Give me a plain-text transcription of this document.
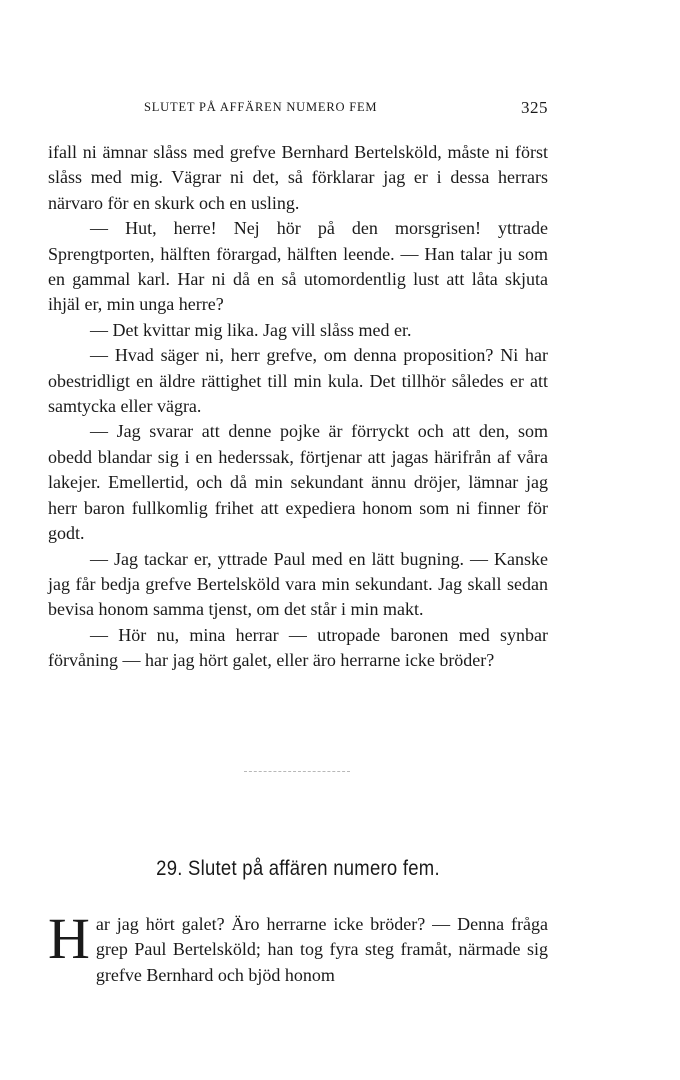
SLUTET PÅ AFFÄREN NUMERO FEM	325

ifall ni ämnar slåss med grefve Bernhard Bertelsköld, måste ni först slåss med mig. Vägrar ni det, så förklarar jag er i dessa herrars närvaro för en skurk och en usling.

— Hut, herre! Nej hör på den morsgrisen! yttrade Sprengtporten, hälften förargad, hälften leende. — Han talar ju som en gammal karl. Har ni då en så utomordentlig lust att låta skjuta ihjäl er, min unga herre?

— Det kvittar mig lika. Jag vill slåss med er.

— Hvad säger ni, herr grefve, om denna proposition? Ni har obestridligt en äldre rättighet till min kula. Det tillhör således er att samtycka eller vägra.

— Jag svarar att denne pojke är förryckt och att den, som obedd blandar sig i en hederssak, förtjenar att jagas härifrån af våra lakejer. Emellertid, och då min sekundant ännu dröjer, lämnar jag herr baron fullkomlig frihet att expediera honom som ni finner för godt.

— Jag tackar er, yttrade Paul med en lätt bugning. — Kanske jag får bedja grefve Bertelsköld vara min sekundant. Jag skall sedan bevisa honom samma tjenst, om det står i min makt.

— Hör nu, mina herrar — utropade baronen med synbar förvåning — har jag hört galet, eller äro herrarne icke bröder?

29. Slutet på affären numero fem.

Har jag hört galet? Äro herrarne icke bröder? — Denna fråga grep Paul Bertelsköld; han tog fyra steg framåt, närmade sig grefve Bernhard och bjöd honom
